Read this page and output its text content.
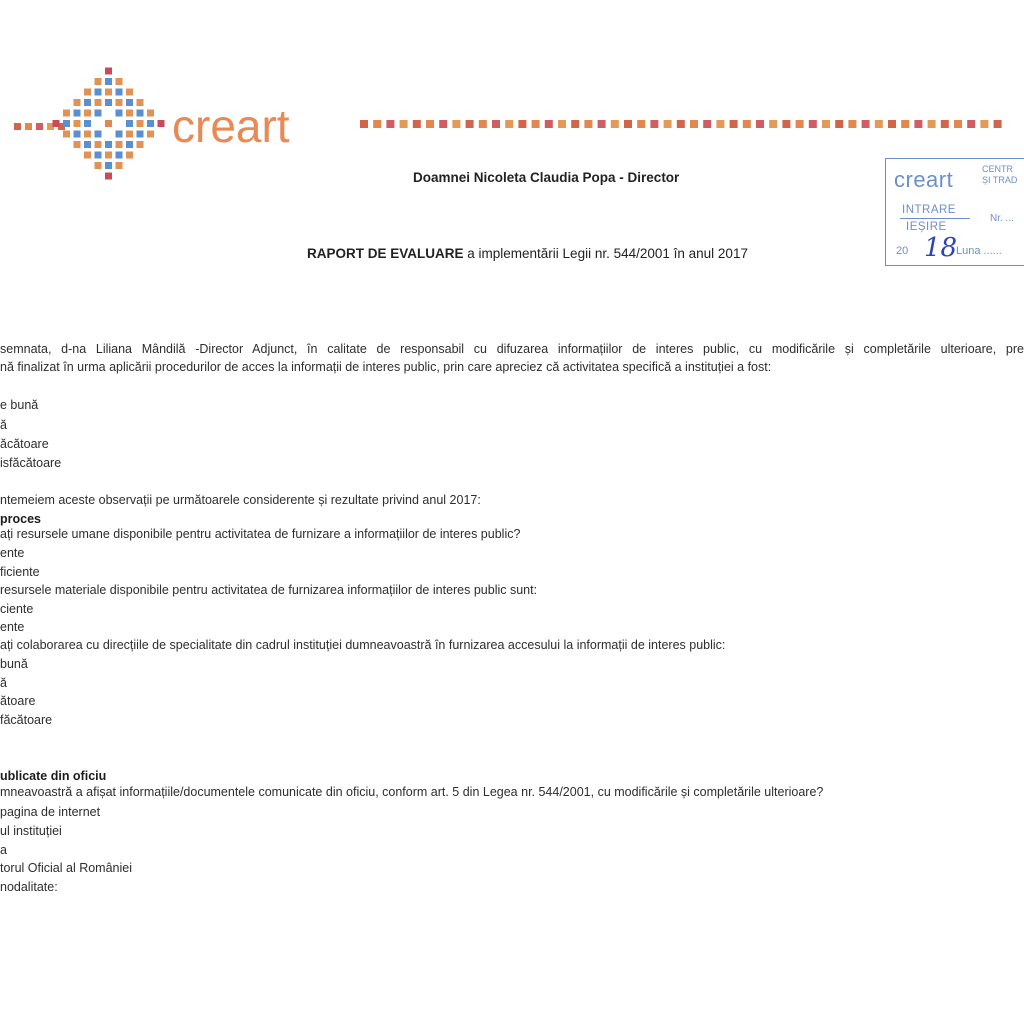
creart
Doamnei Nicoleta Claudia Popa - Director	creart	CENTR
ȘI TRAD
INTRARE
IEȘIRE
Nr. ...
20 18
Luna ......
RAPORT DE EVALUARE a implementării Legii nr. 544/2001 în anul 2017
semnata, d-na Liliana Mândilă -Director Adjunct, în calitate de responsabil cu difuzarea informațiilor de interes public, cu modificările și completările ulterioare, pre
nă finalizat în urma aplicării procedurilor de acces la informații de interes public, prin care apreciez că activitatea specifică a instituției a fost:
e bună
ă
ăcătoare
isfăcătoare
ntemeiem aceste observații pe următoarele considerente și rezultate privind anul 2017:
proces
ați resursele umane disponibile pentru activitatea de furnizare a informațiilor de interes public?
ente
ficiente
resursele materiale disponibile pentru activitatea de furnizarea informațiilor de interes public sunt:
ciente
ente
ați colaborarea cu direcțiile de specialitate din cadrul instituției dumneavoastră în furnizarea accesului la informații de interes public:
bună
ă
ătoare
făcătoare
ublicate din oficiu
mneavoastră a afișat informațiile/documentele comunicate din oficiu, conform art. 5 din Legea nr. 544/2001, cu modificările și completările ulterioare?
pagina de internet
ul instituției
a
torul Oficial al României
nodalitate:
